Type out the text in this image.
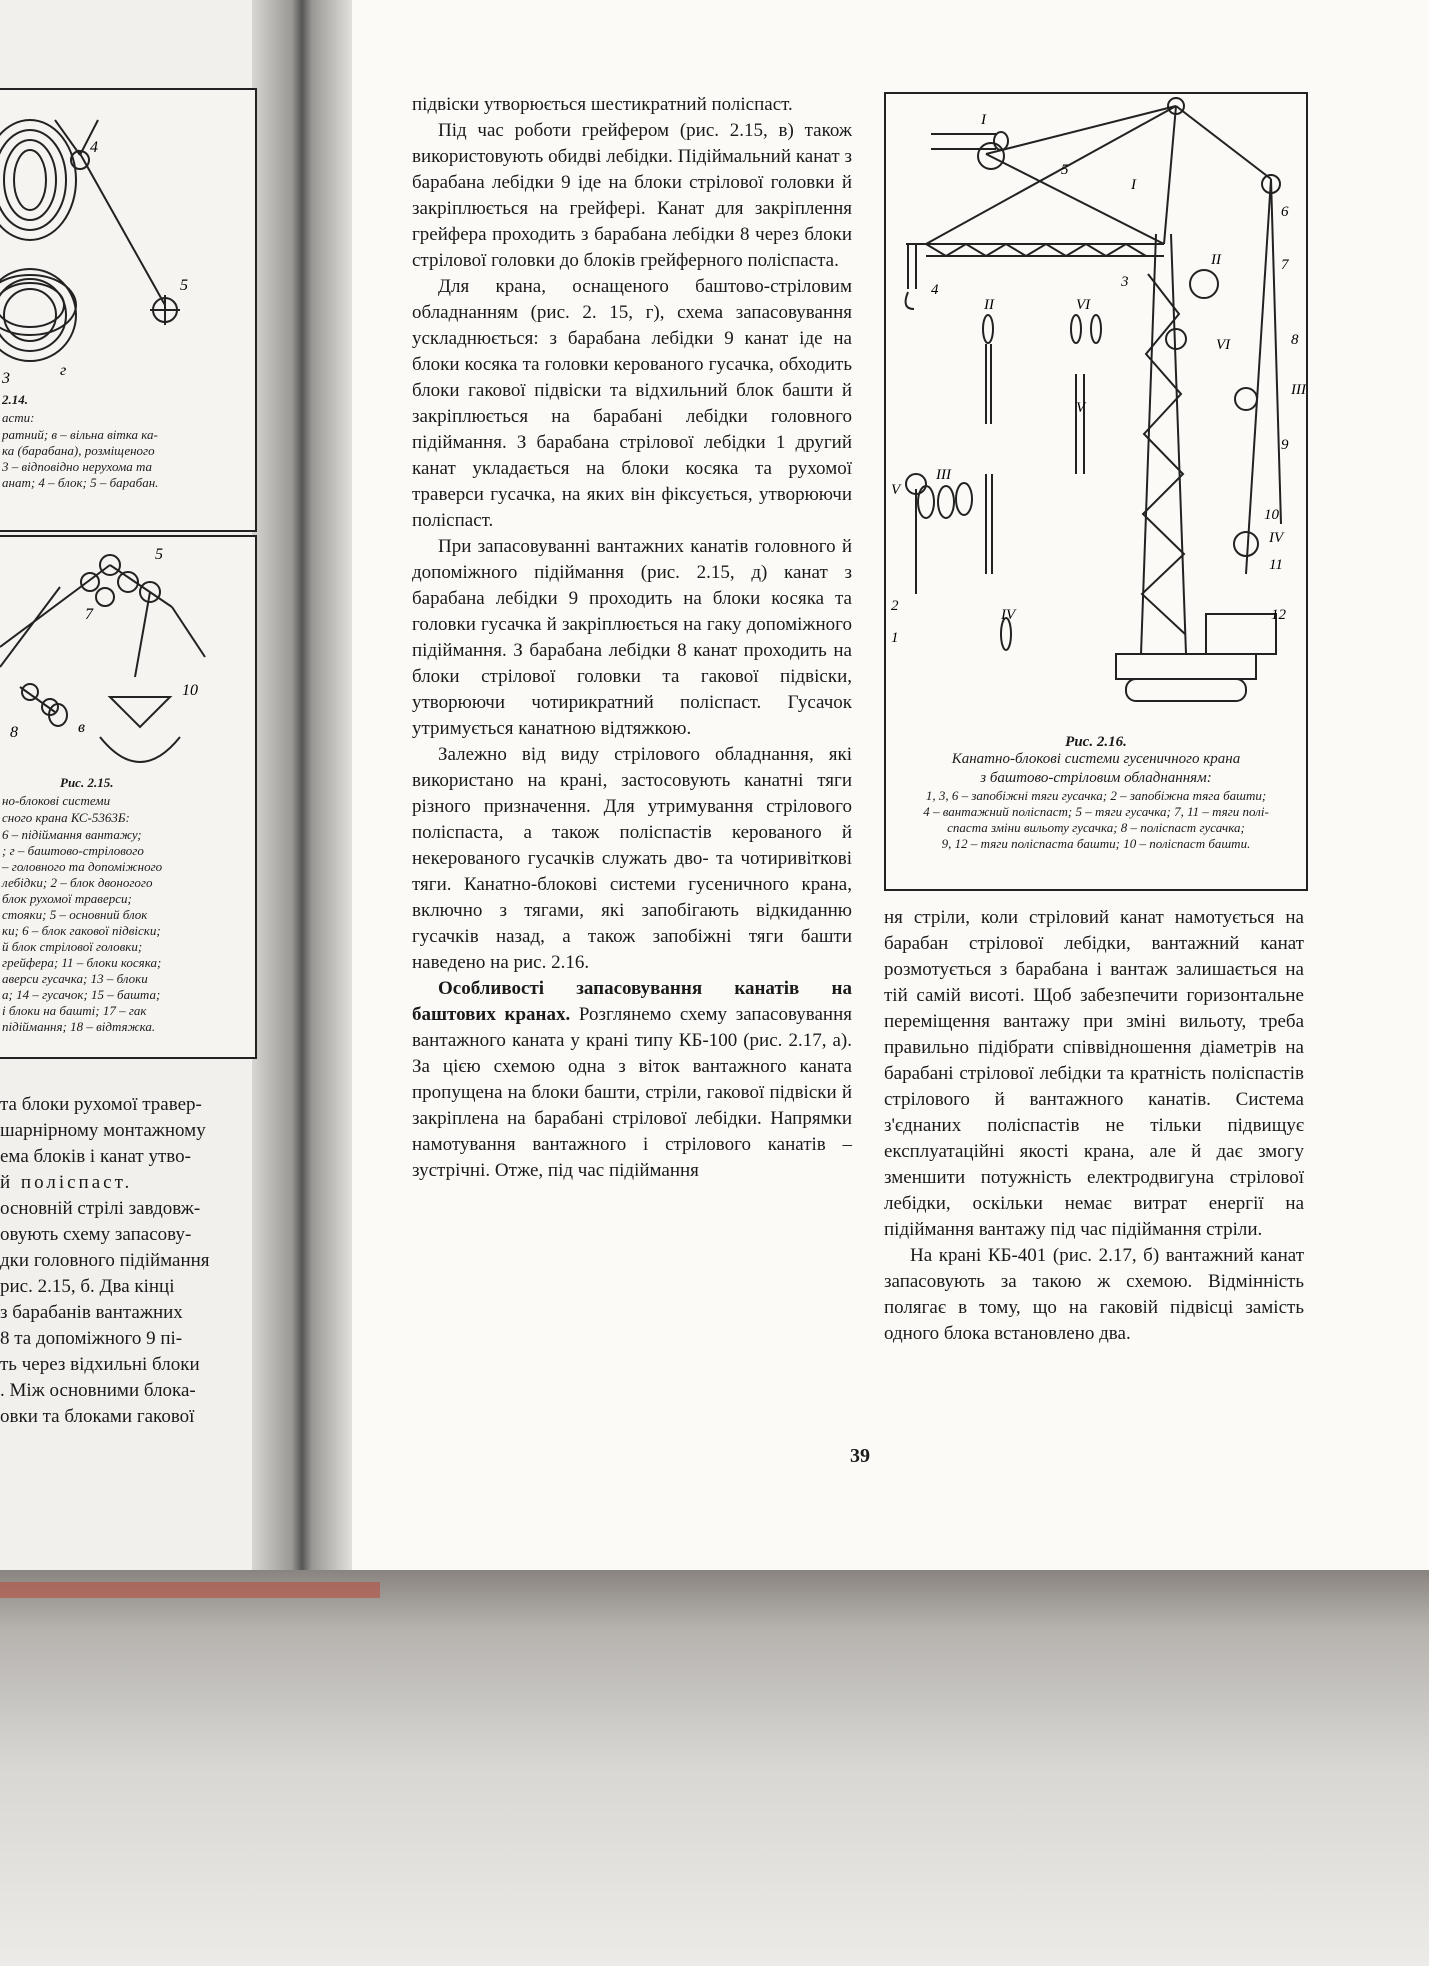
4
5
г
3
2.14.
асти:
ратний; в – вільна вітка ка-
ка (барабана), розміщеного
3 – відповідно нерухома та
анат; 4 – блок; 5 – барабан.
5
7
8
10
в
Рис. 2.15.
но-блокові системи
сного крана КС-5363Б:
6 – підіймання вантажу;
; г – баштово-стрілового
– головного та допоміжного
лебідки; 2 – блок двоногого
блок рухомої траверси;
стояки; 5 – основний блок
ки; 6 – блок гакової підвіски;
й блок стрілової головки;
грейфера; 11 – блоки косяка;
аверси гусачка; 13 – блоки
а; 14 – гусачок; 15 – башта;
і блоки на башті; 17 – гак
підіймання; 18 – відтяжка.
та блоки рухомої травер-
шарнірному монтажному
ема блоків і канат утво-
й поліспаст.
основній стрілі завдовж-
овують схему запасову-
дки головного підіймання
рис. 2.15, б. Два кінці
з барабанів вантажних
8 та допоміжного 9 пі-
ть через відхильні блоки
. Між основними блока-
овки та блоками гакової

підвіски утворюється шестикратний поліспаст.

Під час роботи грейфером (рис. 2.15, в) також використовують обидві лебідки. Підіймальний канат з барабана лебідки 9 іде на блоки стрілової головки й закріплюється на грейфері. Канат для закріплення грейфера проходить з барабана лебідки 8 через блоки стрілової головки до блоків грейферного поліспаста.

Для крана, оснащеного баштово-стріловим обладнанням (рис. 2. 15, г), схема запасовування ускладнюється: з барабана лебідки 9 канат іде на блоки косяка та головки керованого гусачка, обходить блоки гакової підвіски та відхильний блок башти й закріплюється на барабані лебідки головного підіймання. З барабана стрілової лебідки 1 другий канат укладається на блоки косяка та рухомої траверси гусачка, на яких він фіксується, утворюючи поліспаст.

При запасовуванні вантажних канатів головного й допоміжного підіймання (рис. 2.15, д) канат з барабана лебідки 9 проходить на блоки косяка та головки гусачка й закріплюється на гаку допоміжного підіймання. З барабана лебідки 8 канат проходить на блоки стрілової головки та гакової підвіски, утворюючи чотирикратний поліспаст. Гусачок утримується канатною відтяжкою.

Залежно від виду стрілового обладнання, які використано на крані, застосовують канатні тяги різного призначення. Для утримування стрілового поліспаста, а також поліспастів керованого й некерованого гусачків служать дво- та чотиривіткові тяги. Канатно-блокові системи гусеничного крана, включно з тягами, які запобігають відкиданню гусачків назад, а також запобіжні тяги башти наведено на рис. 2.16.

Особливості запасовування канатів на баштових кранах. Розглянемо схему запасовування вантажного каната у крані типу КБ-100 (рис. 2.17, а). За цією схемою одна з віток вантажного каната пропущена на блоки башти, стріли, гакової підвіски й закріплена на барабані стрілової лебідки. Напрямки намотування вантажного і стрілового канатів – зустрічні. Отже, під час підіймання

I
5
I
4	3
6
II	7
II	VI
VI	8
III
V
III
9
V
10
IV
11
IV
2
12
1
Рис. 2.16.
Канатно-блокові системи гусеничного крана
з баштово-стріловим обладнанням:
1, 3, 6 – запобіжні тяги гусачка; 2 – запобіжна тяга башти;
4 – вантажний поліспаст; 5 – тяги гусачка; 7, 11 – тяги полі-
спаста зміни вильоту гусачка; 8 – поліспаст гусачка;
9, 12 – тяги поліспаста башти; 10 – поліспаст башти.

ня стріли, коли стріловий канат намотується на барабан стрілової лебідки, вантажний канат розмотується з барабана і вантаж залишається на тій самій висоті. Щоб забезпечити горизонтальне переміщення вантажу при зміні вильоту, треба правильно підібрати співвідношення діаметрів на барабані стрілової лебідки та кратність поліспастів стрілового й вантажного канатів. Система з'єднаних поліспастів не тільки підвищує експлуатаційні якості крана, але й дає змогу зменшити потужність електродвигуна стрілової лебідки, оскільки немає витрат енергії на підіймання вантажу під час підіймання стріли.

На крані КБ-401 (рис. 2.17, б) вантажний канат запасовують за такою ж схемою. Відмінність полягає в тому, що на гаковій підвісці замість одного блока встановлено два.

39
